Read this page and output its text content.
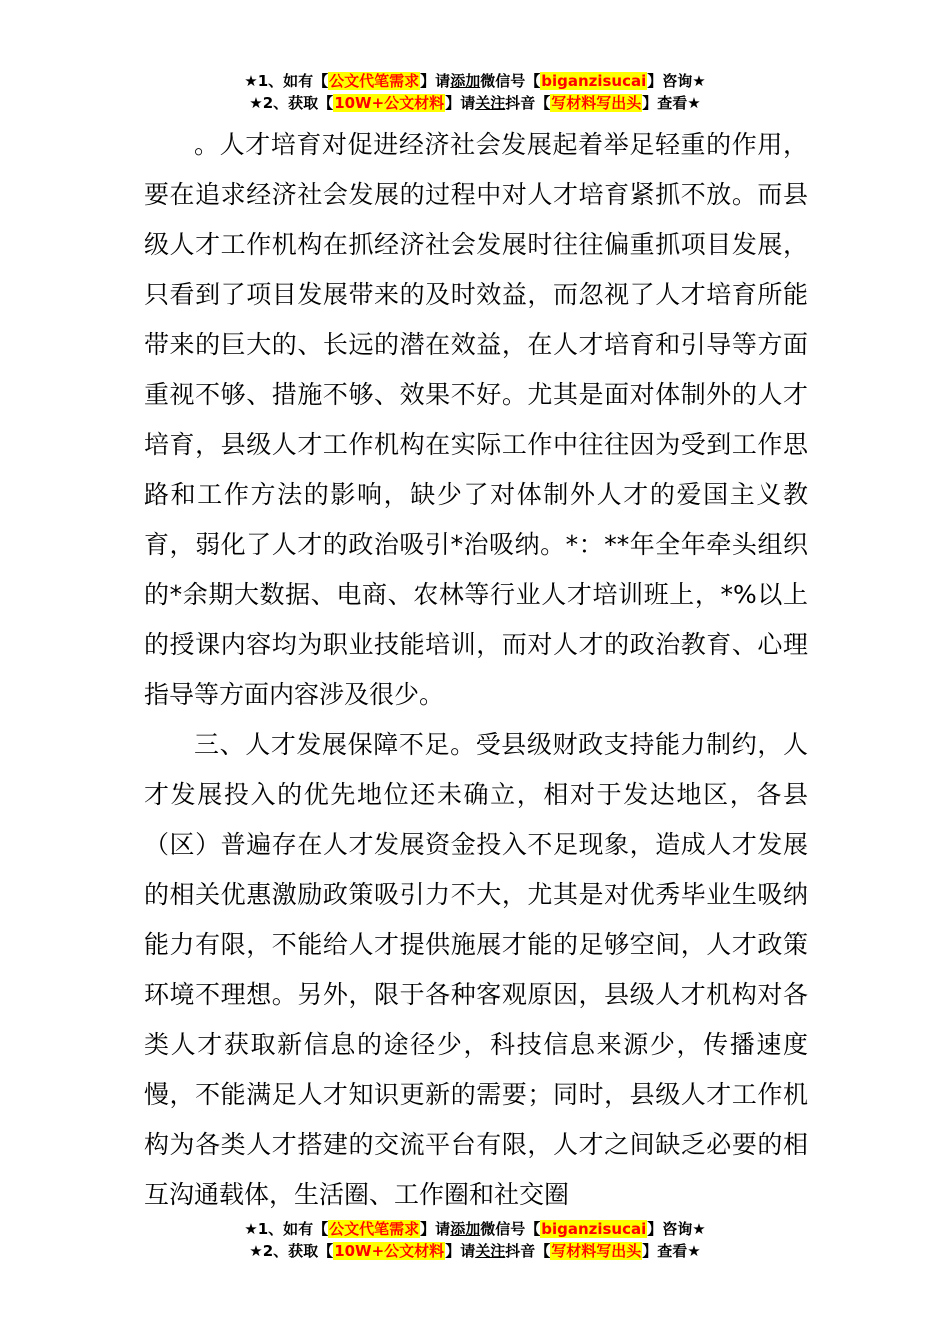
★1、如有【公文代笔需求】请添加微信号【biganzisucai】咨询★
★2、获取【10W+公文材料】请关注抖音【写材料写出头】查看★

。人才培育对促进经济社会发展起着举足轻重的作用，要在追求经济社会发展的过程中对人才培育紧抓不放。而县级人才工作机构在抓经济社会发展时往往偏重抓项目发展，只看到了项目发展带来的及时效益，而忽视了人才培育所能带来的巨大的、长远的潜在效益，在人才培育和引导等方面重视不够、措施不够、效果不好。尤其是面对体制外的人才培育，县级人才工作机构在实际工作中往往因为受到工作思路和工作方法的影响，缺少了对体制外人才的爱国主义教育，弱化了人才的政治吸引*治吸纳。*：**年全年牵头组织的*余期大数据、电商、农林等行业人才培训班上，*%以上的授课内容均为职业技能培训，而对人才的政治教育、心理指导等方面内容涉及很少。

三、人才发展保障不足。受县级财政支持能力制约，人才发展投入的优先地位还未确立，相对于发达地区，各县（区）普遍存在人才发展资金投入不足现象，造成人才发展的相关优惠激励政策吸引力不大，尤其是对优秀毕业生吸纳能力有限，不能给人才提供施展才能的足够空间，人才政策环境不理想。另外，限于各种客观原因，县级人才机构对各类人才获取新信息的途径少，科技信息来源少，传播速度慢，不能满足人才知识更新的需要；同时，县级人才工作机构为各类人才搭建的交流平台有限，人才之间缺乏必要的相互沟通载体，生活圈、工作圈和社交圈

★1、如有【公文代笔需求】请添加微信号【biganzisucai】咨询★
★2、获取【10W+公文材料】请关注抖音【写材料写出头】查看★
